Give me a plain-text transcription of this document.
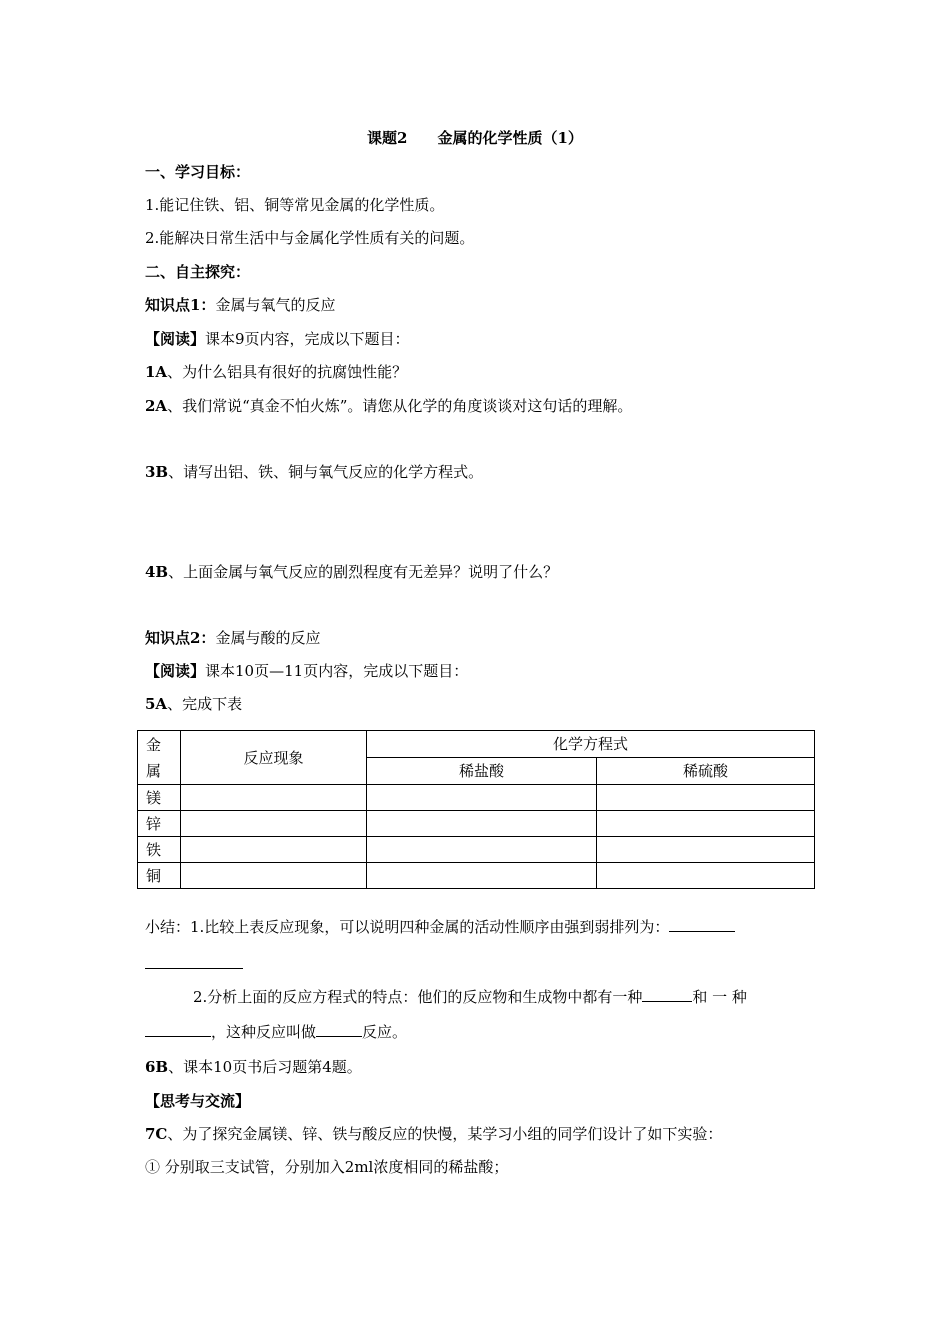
课题2 金属的化学性质（1）
一、学习目标：
1.能记住铁、铝、铜等常见金属的化学性质。
2.能解决日常生活中与金属化学性质有关的问题。
二、自主探究：
知识点1：金属与氧气的反应
【阅读】课本9页内容，完成以下题目：
1A、为什么铝具有很好的抗腐蚀性能？
2A、我们常说“真金不怕火炼”。请您从化学的角度谈谈对这句话的理解。
3B、请写出铝、铁、铜与氧气反应的化学方程式。
4B、上面金属与氧气反应的剧烈程度有无差异？说明了什么？
知识点2：金属与酸的反应
【阅读】课本10页—11页内容，完成以下题目：
5A、完成下表
金
属	反应现象	化学方程式	
		稀盐酸	稀硫酸
镁			
锌			
铁			
铜			
小结：1.比较上表反应现象，可以说明四种金属的活动性顺序由强到弱排列为：
2.分析上面的反应方程式的特点：他们的反应物和生成物中都有一种	和 一 种
，这种反应叫做	反应。
6B、课本10页书后习题第4题。
【思考与交流】
7C、为了探究金属镁、锌、铁与酸反应的快慢，某学习小组的同学们设计了如下实验：
① 分别取三支试管，分别加入2ml浓度相同的稀盐酸；
